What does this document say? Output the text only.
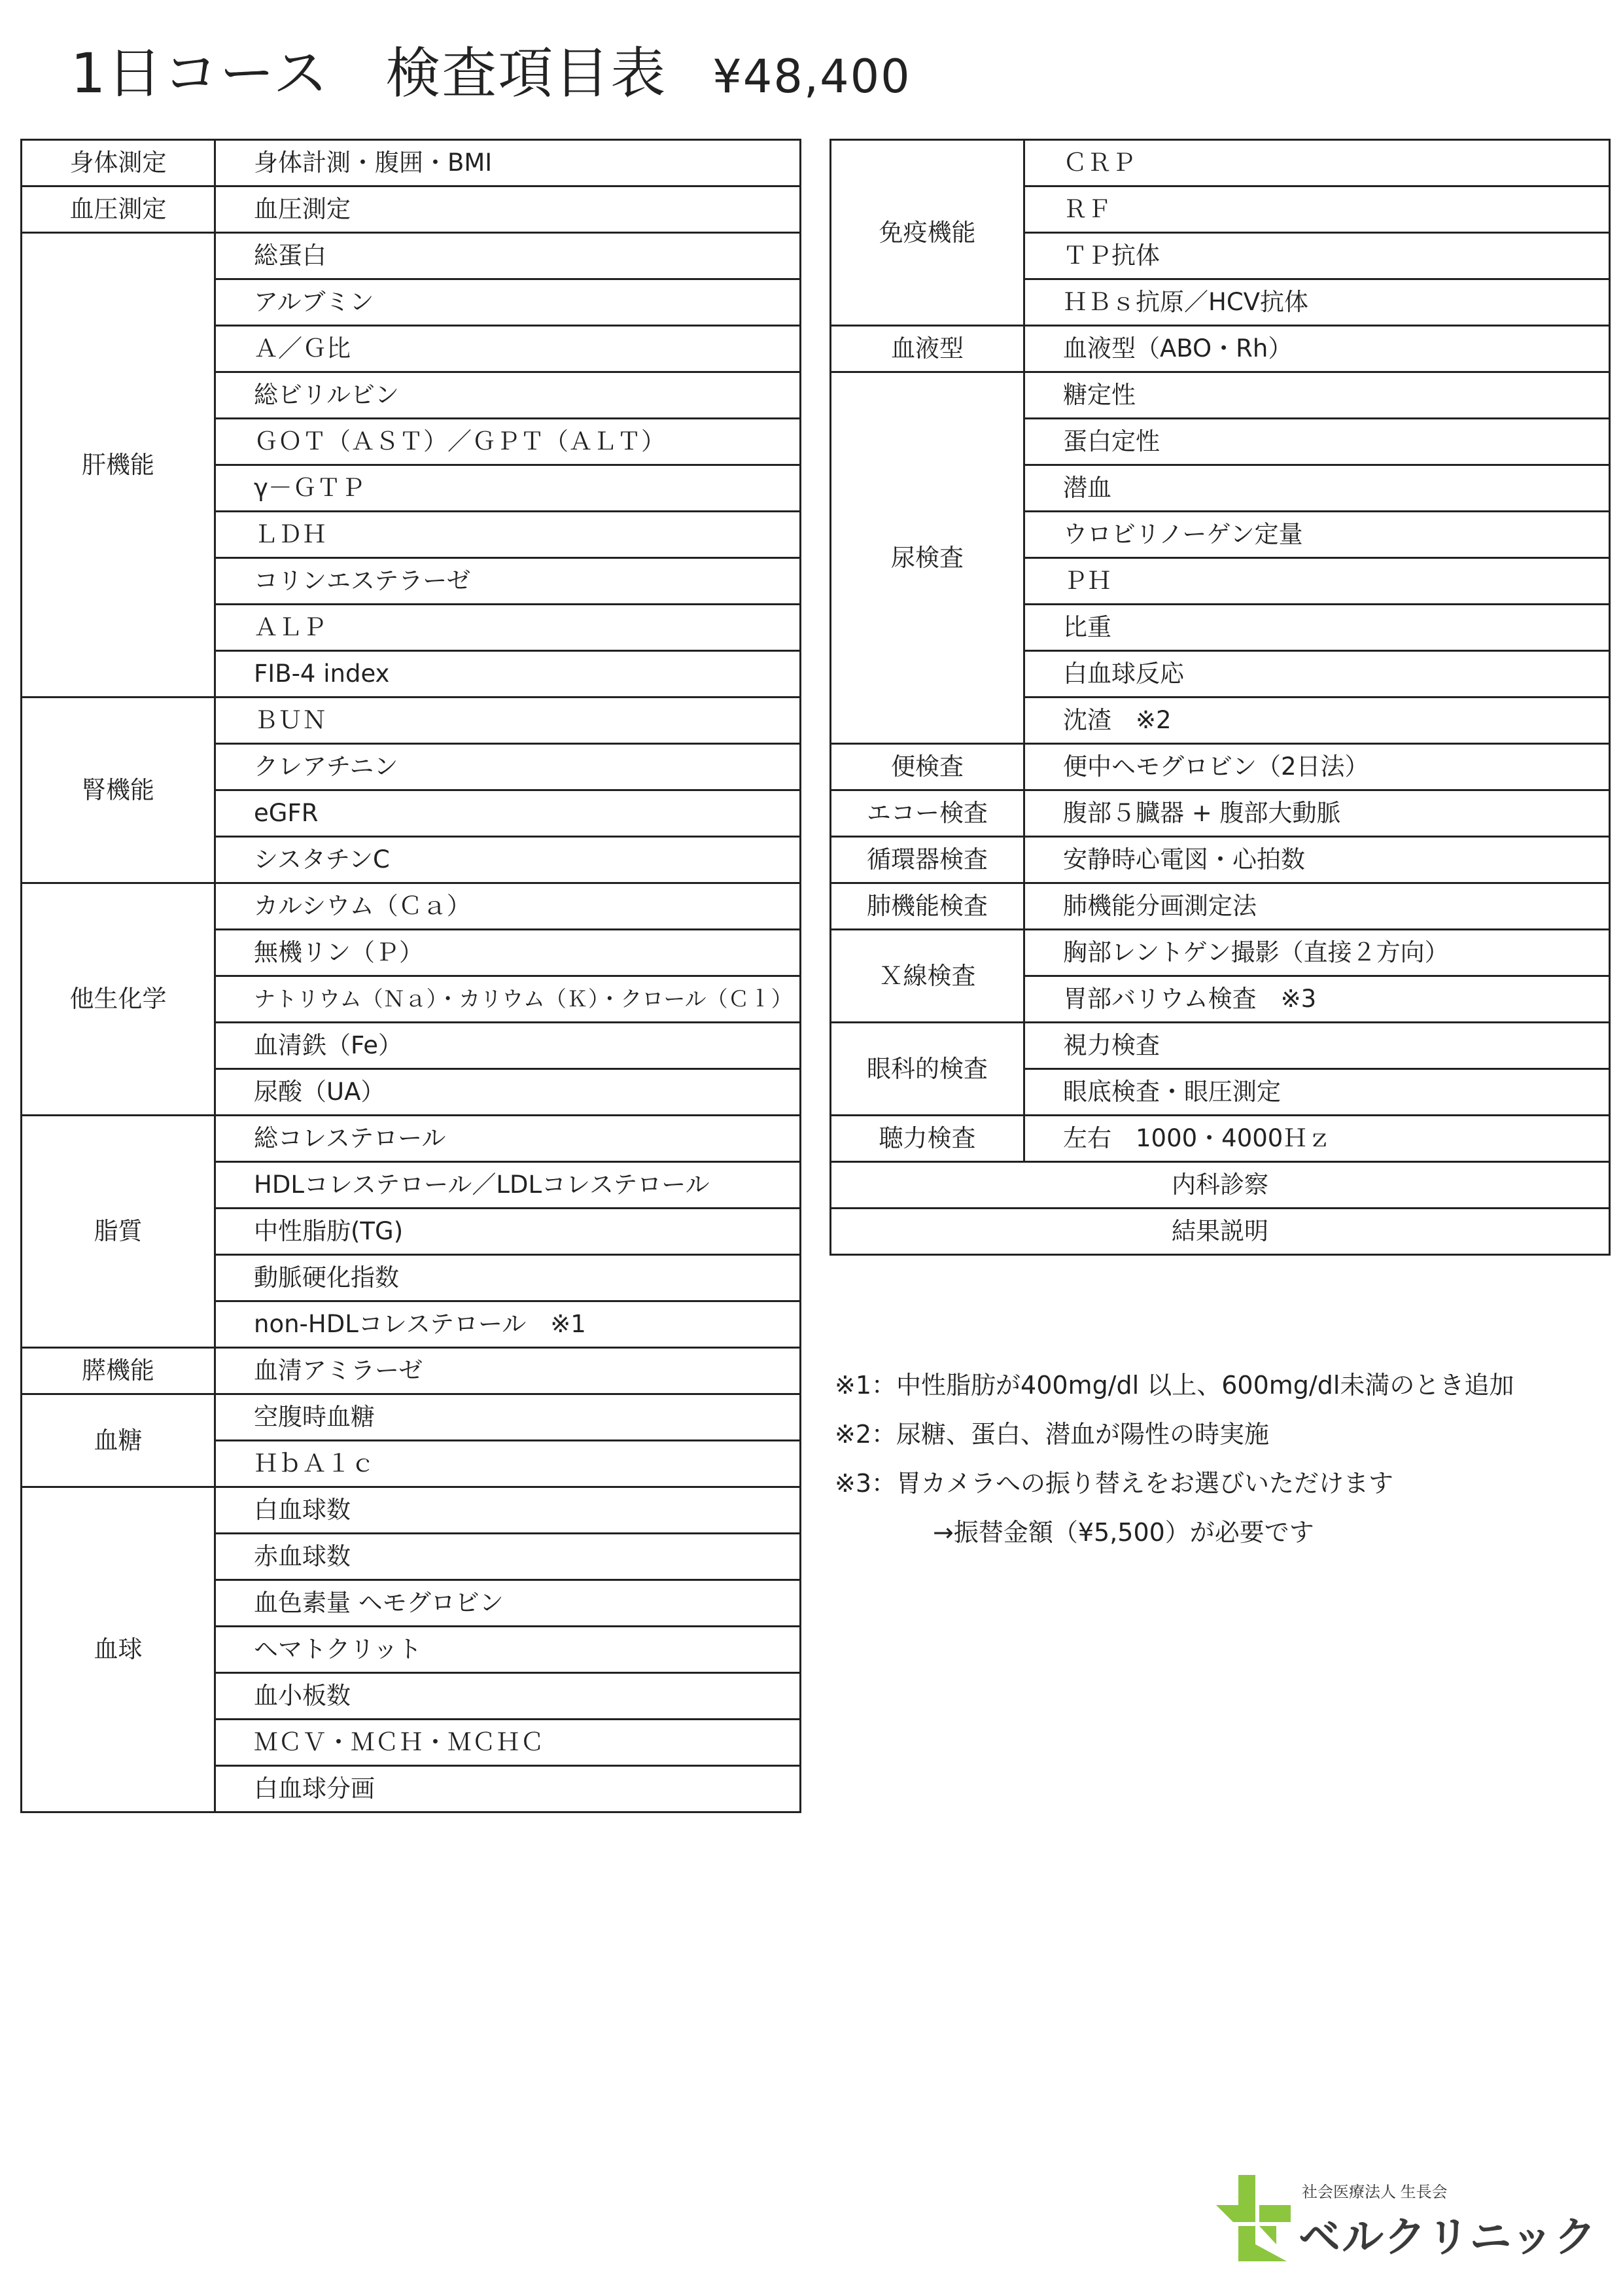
1日コース　検査項目表 ¥48,400
身体測定	身体計測・腹囲・BMI
血圧測定	血圧測定
肝機能	総蛋白
	アルブミン
	Ａ／Ｇ比
	総ビリルビン
	ＧＯＴ（ＡＳＴ）／ＧＰＴ（ＡＬＴ）
	γ－ＧＴＰ
	ＬＤＨ
	コリンエステラーゼ
	ＡＬＰ
	FIB-4 index
腎機能	ＢＵＮ
	クレアチニン
	eGFR
	シスタチンC
他生化学	カルシウム（Ｃａ）
	無機リン（Ｐ）
	ナトリウム（Ｎａ）・カリウム（Ｋ）・クロール（Ｃｌ）
	血清鉄（Fe）
	尿酸（UA）
脂質	総コレステロール
	HDLコレステロール／LDLコレステロール
	中性脂肪(TG)
	動脈硬化指数
	non-HDLコレステロール　※1
膵機能	血清アミラーゼ
血糖	空腹時血糖
	ＨｂＡ１ｃ
血球	白血球数
	赤血球数
	血色素量 ヘモグロビン
	ヘマトクリット
	血小板数
	ＭＣＶ・ＭＣＨ・ＭＣＨＣ
	白血球分画
免疫機能	ＣＲＰ
	ＲＦ
	ＴＰ抗体
	ＨＢｓ抗原／HCV抗体
血液型	血液型（ABO・Rh）
尿検査	糖定性
	蛋白定性
	潜血
	ウロビリノーゲン定量
	ＰＨ
	比重
	白血球反応
	沈渣　※2
便検査	便中ヘモグロビン（2日法）
エコー検査	腹部５臓器 + 腹部大動脈
循環器検査	安静時心電図・心拍数
肺機能検査	肺機能分画測定法
Ｘ線検査	胸部レントゲン撮影（直接２方向）
	胃部バリウム検査　※3
眼科的検査	視力検査
	眼底検査・眼圧測定
聴力検査	左右　1000・4000Ｈｚ
内科診察	
結果説明	

※1：中性脂肪が400mg/dl 以上、600mg/dl未満のとき追加

※2：尿糖、蛋白、潜血が陽性の時実施

※3：胃カメラへの振り替えをお選びいただけます

→振替金額（¥5,500）が必要です

社会医療法人 生長会
ベルクリニック
